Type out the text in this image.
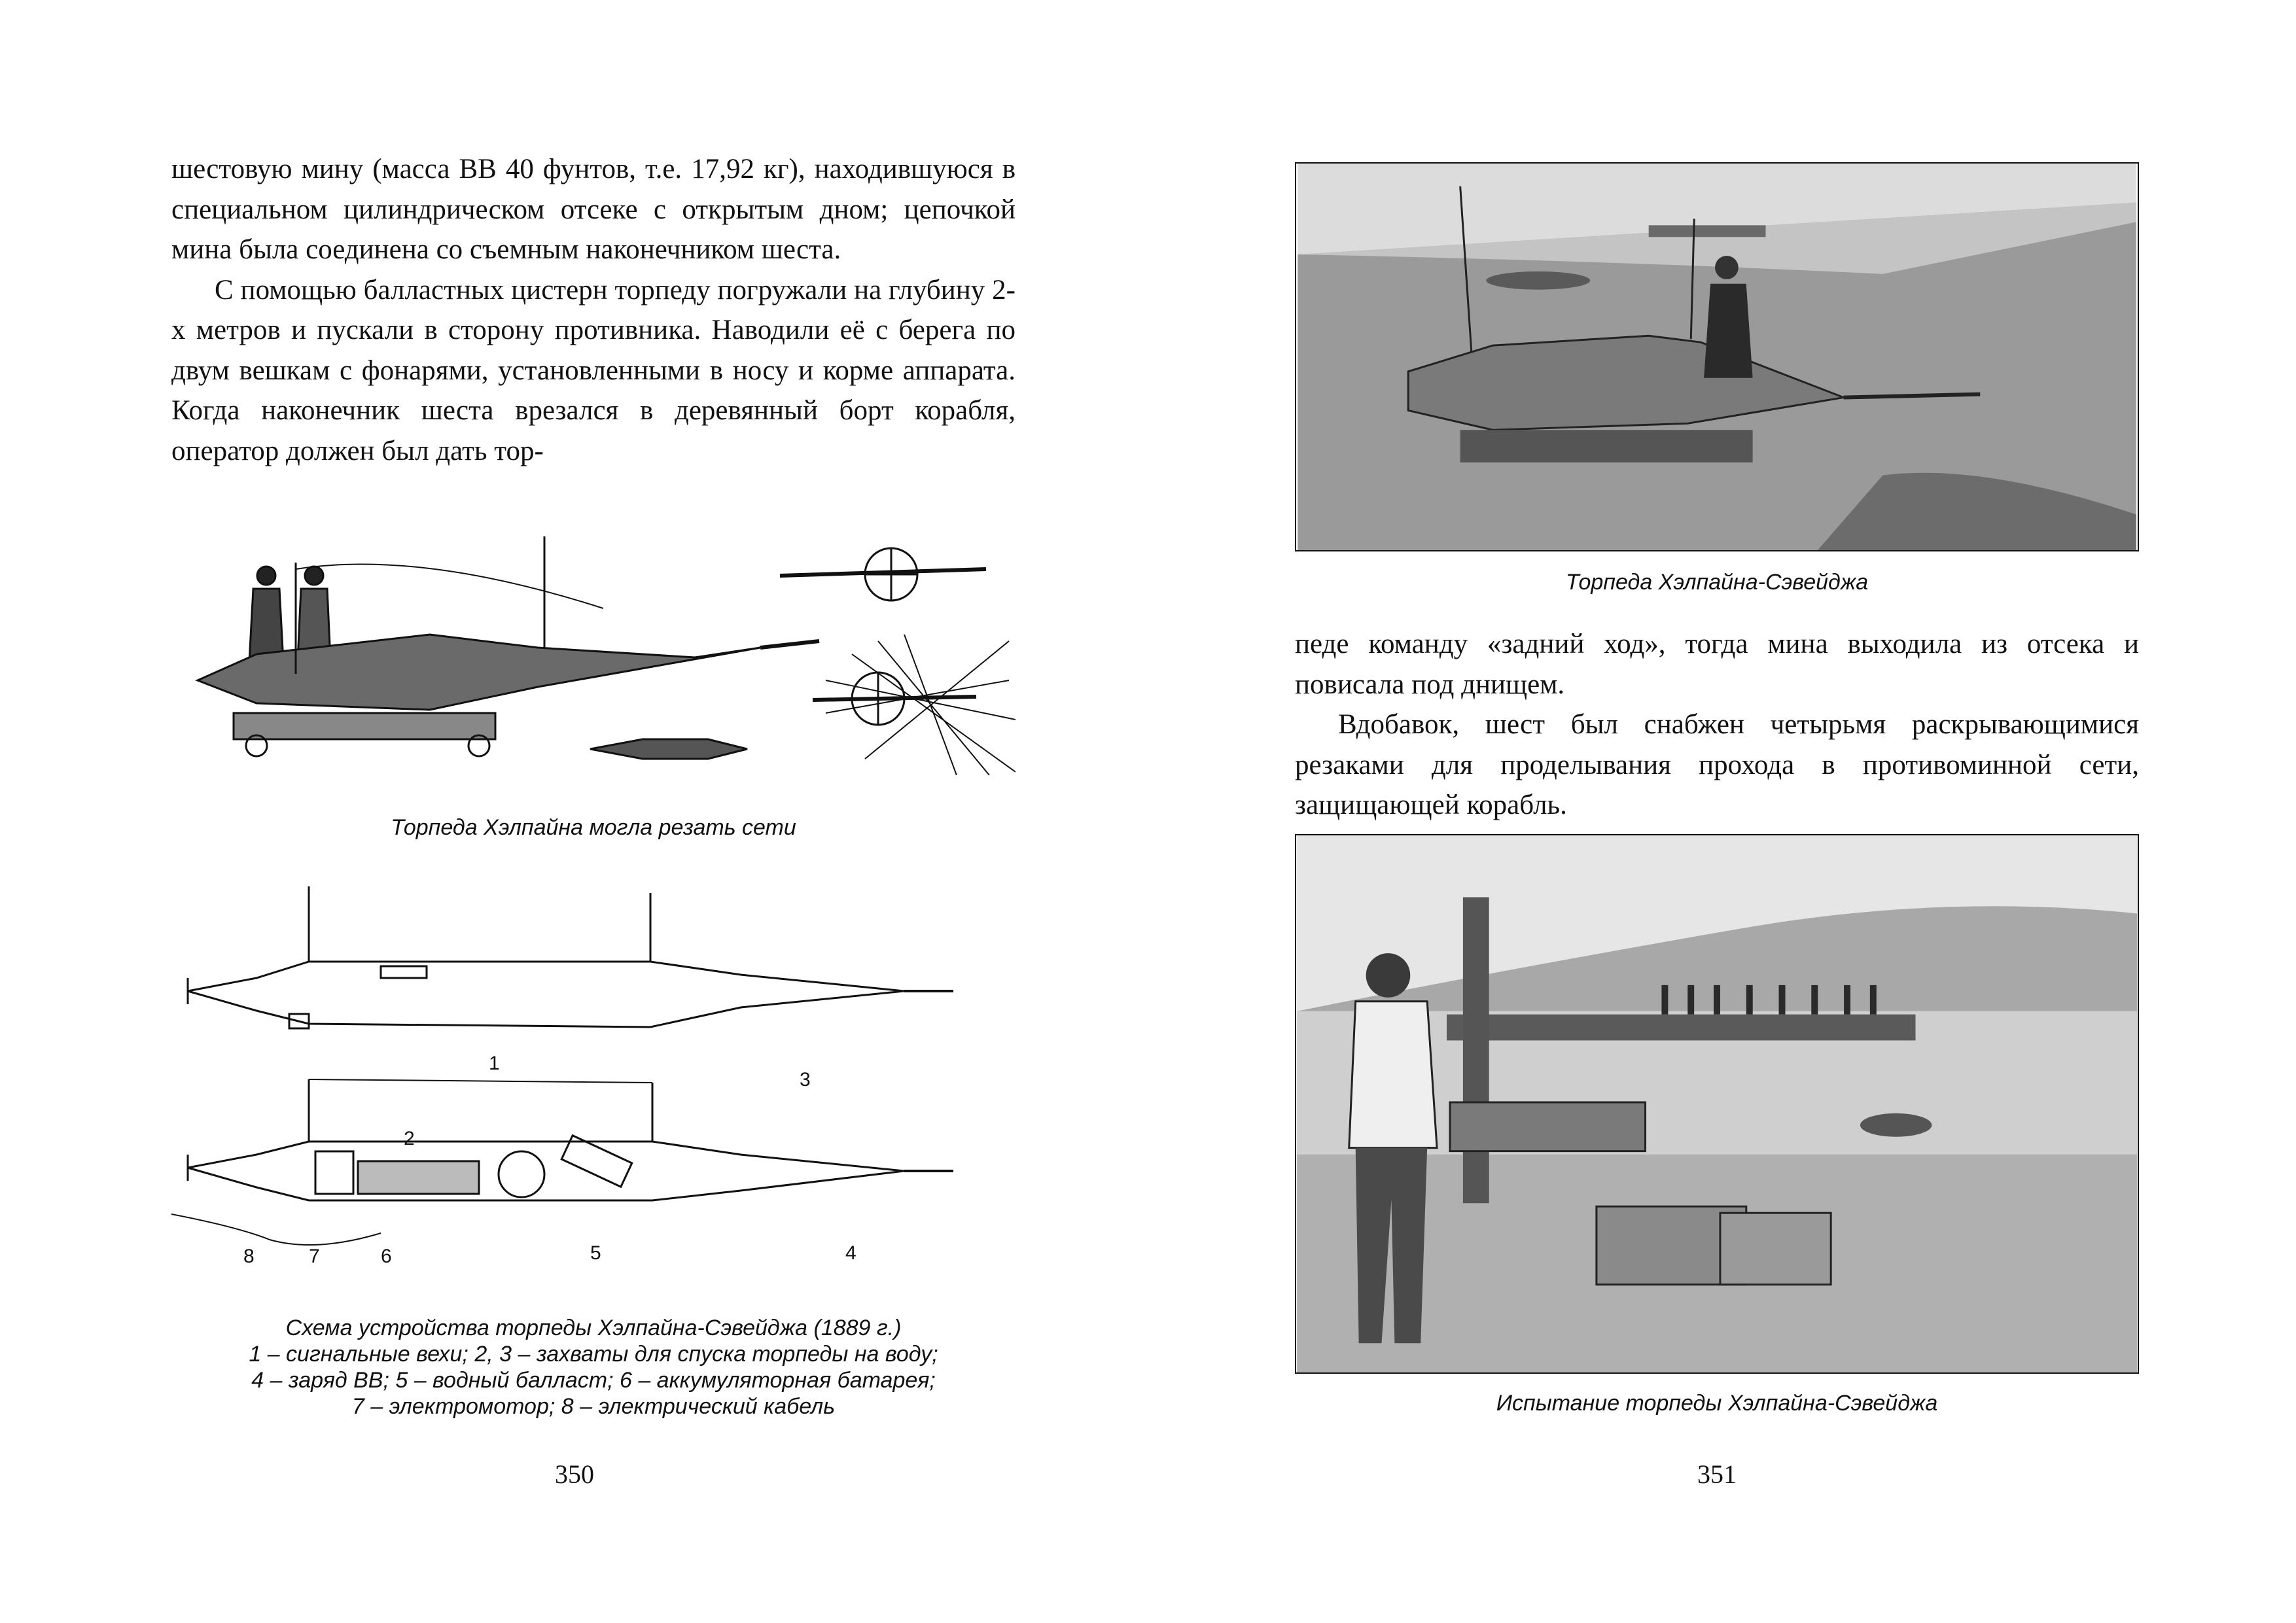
шестовую мину (масса ВВ 40 фунтов, т.е. 17,92 кг), находившуюся в специальном цилиндрическом отсеке с открытым дном; цепочкой мина была соединена со съемным наконечником шеста.

С помощью балластных цистерн торпеду погружали на глубину 2-х метров и пускали в сторону противника. Наводили её с берега по двум вешкам с фонарями, установленными в носу и корме аппарата. Когда наконечник шеста врезался в деревянный борт корабля, оператор должен был дать тор-

Торпеда Хэлпайна могла резать сети
1
2
3
4
5
6
7
8
Схема устройства торпеды Хэлпайна-Сэвейджа (1889 г.)
1 – сигнальные вехи; 2, 3 – захваты для спуска торпеды на воду;
4 – заряд ВВ; 5 – водный балласт; 6 – аккумуляторная батарея;
7 – электромотор; 8 – электрический кабель
350
Торпеда Хэлпайна-Сэвейджа

педе команду «задний ход», тогда мина выходила из отсека и повисала под днищем.

Вдобавок, шест был снабжен четырьмя раскрывающимися резаками для проделывания прохода в противоминной сети, защищающей корабль.

Испытание торпеды Хэлпайна-Сэвейджа
351
